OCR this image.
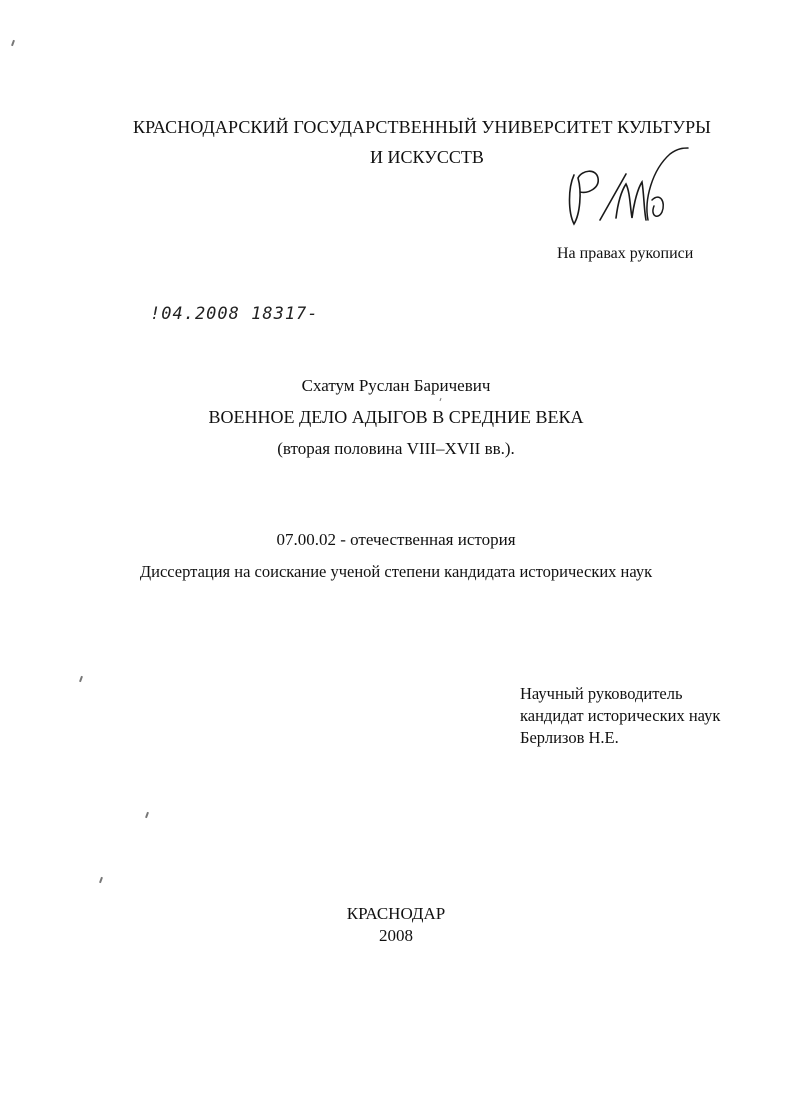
КРАСНОДАРСКИЙ ГОСУДАРСТВЕННЫЙ УНИВЕРСИТЕТ КУЛЬТУРЫ
И ИСКУССТВ
На правах рукописи
!04.2008 18317-
Схатум Руслан Баричевич
ВОЕННОЕ ДЕЛО АДЫГОВ В СРЕДНИЕ ВЕКА
(вторая половина VIII–XVII вв.).
07.00.02 - отечественная история
Диссертация на соискание ученой степени кандидата исторических наук
Научный руководитель
кандидат исторических наук
Берлизов Н.Е.
КРАСНОДАР
2008
